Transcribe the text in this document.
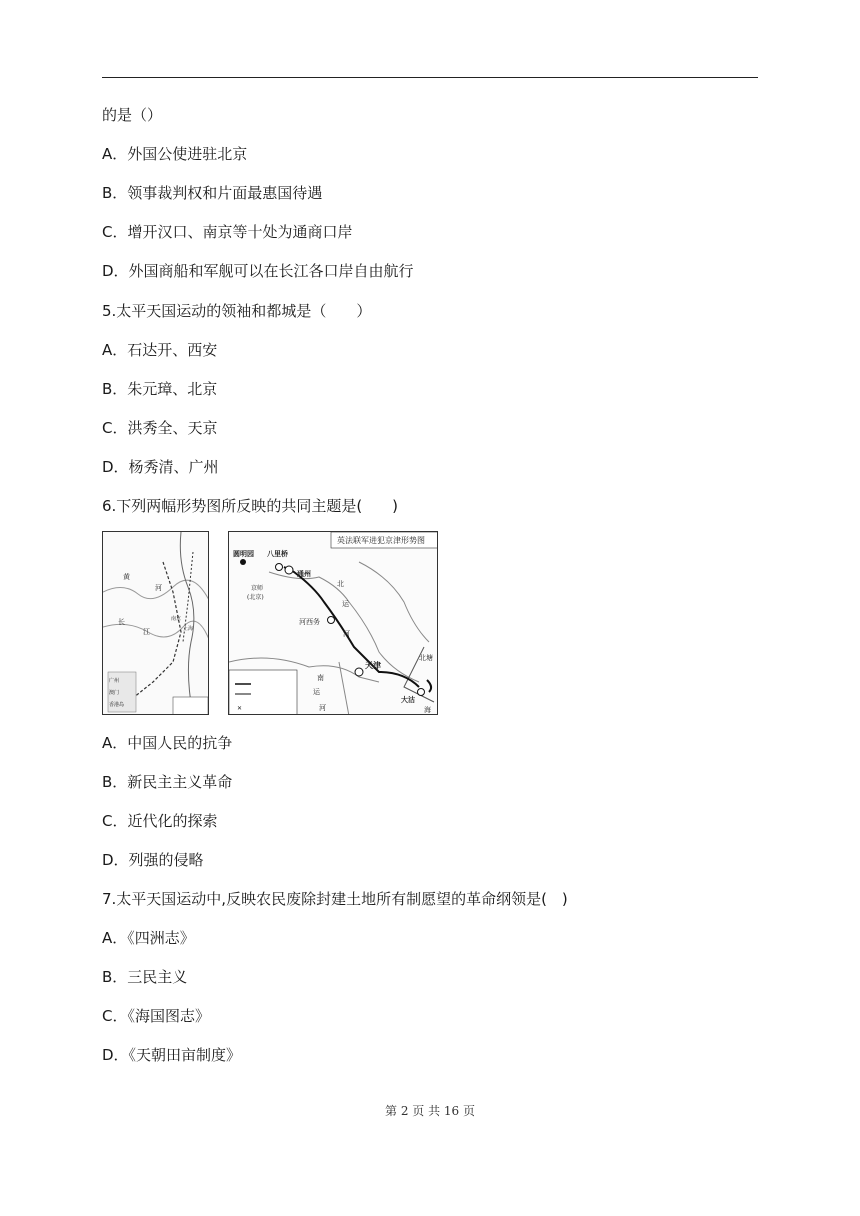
的是（）
A．外国公使进驻北京
B．领事裁判权和片面最惠国待遇
C．增开汉口、南京等十处为通商口岸
D．外国商船和军舰可以在长江各口岸自由航行
5.太平天国运动的领袖和都城是（　　）
A．石达开、西安
B．朱元璋、北京
C．洪秀全、天京
D．杨秀清、广州
6.下列两幅形势图所反映的共同主题是(　　)
黄
河
长
江
南京
上海
广州
香港岛
澳门
✕
英法联军进犯京津形势图
圆明园 八里桥
通州
京师
(北京)
河西务
天津
北塘
大沽
海
北
运
河
南
运
河
A．中国人民的抗争
B．新民主主义革命
C．近代化的探索
D．列强的侵略
7.太平天国运动中,反映农民废除封建土地所有制愿望的革命纲领是(　)
A．《四洲志》
B．三民主义
C．《海国图志》
D．《天朝田亩制度》
第 2 页 共 16 页
